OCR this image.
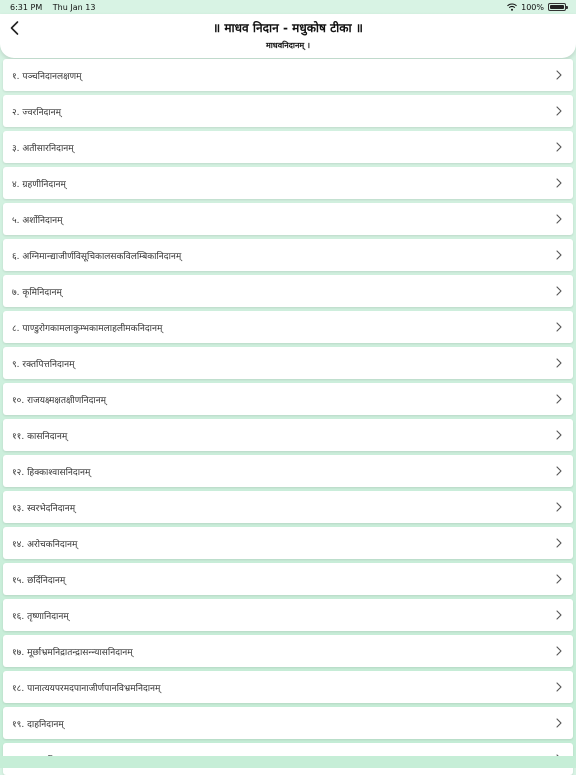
6:31 PM Thu Jan 13	100%
॥ माधव निदान - मधुकोष टीका ॥
माधवनिदानम् ।
१. पञ्चनिदानलक्षणम्
२. ज्वरनिदानम्
३. अतीसारनिदानम्
४. ग्रहणीनिदानम्
५. अर्शोनिदानम्
६. अग्निमान्द्याजीर्णविसूचिकालसकविलम्बिकानिदानम्
७. कृमिनिदानम्
८. पाण्डुरोगकामलाकुम्भकामलाहलीमकनिदानम्
९. रक्तपित्तनिदानम्
१०. राजयक्ष्मक्षतक्षीणनिदानम्
११. कासनिदानम्
१२. हिक्काश्वासनिदानम्
१३. स्वरभेदनिदानम्
१४. अरोचकनिदानम्
१५. छर्दिनिदानम्
१६. तृष्णानिदानम्
१७. मूर्छाभ्रमनिद्रातन्द्रासन्न्यासनिदानम्
१८. पानात्ययपरमदपानाजीर्णपानविभ्रमनिदानम्
१९. दाहनिदानम्
